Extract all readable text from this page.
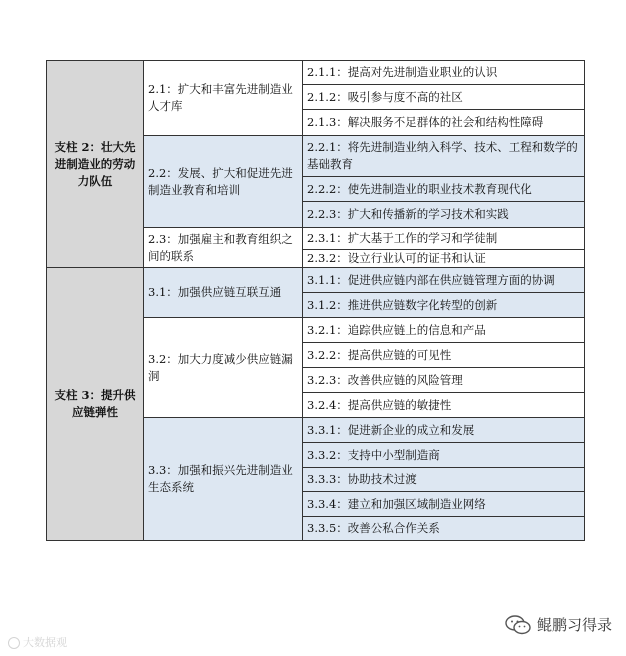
支柱 2：壮大先进制造业的劳动力队伍	2.1：扩大和丰富先进制造业人才库	2.1.1：提高对先进制造业职业的认识
		2.1.2：吸引参与度不高的社区
		2.1.3：解决服务不足群体的社会和结构性障碍
	2.2：发展、扩大和促进先进制造业教育和培训	2.2.1：将先进制造业纳入科学、技术、工程和数学的基础教育
		2.2.2：使先进制造业的职业技术教育现代化
		2.2.3：扩大和传播新的学习技术和实践
	2.3：加强雇主和教育组织之间的联系	2.3.1：扩大基于工作的学习和学徒制
		2.3.2：设立行业认可的证书和认证
支柱 3：提升供应链弹性	3.1：加强供应链互联互通	3.1.1：促进供应链内部在供应链管理方面的协调
		3.1.2：推进供应链数字化转型的创新
	3.2：加大力度减少供应链漏洞	3.2.1：追踪供应链上的信息和产品
		3.2.2：提高供应链的可见性
		3.2.3：改善供应链的风险管理
		3.2.4：提高供应链的敏捷性
	3.3：加强和振兴先进制造业生态系统	3.3.1：促进新企业的成立和发展
		3.3.2：支持中小型制造商
		3.3.3：协助技术过渡
		3.3.4：建立和加强区域制造业网络
		3.3.5：改善公私合作关系
大数据观
鲲鹏习得录
